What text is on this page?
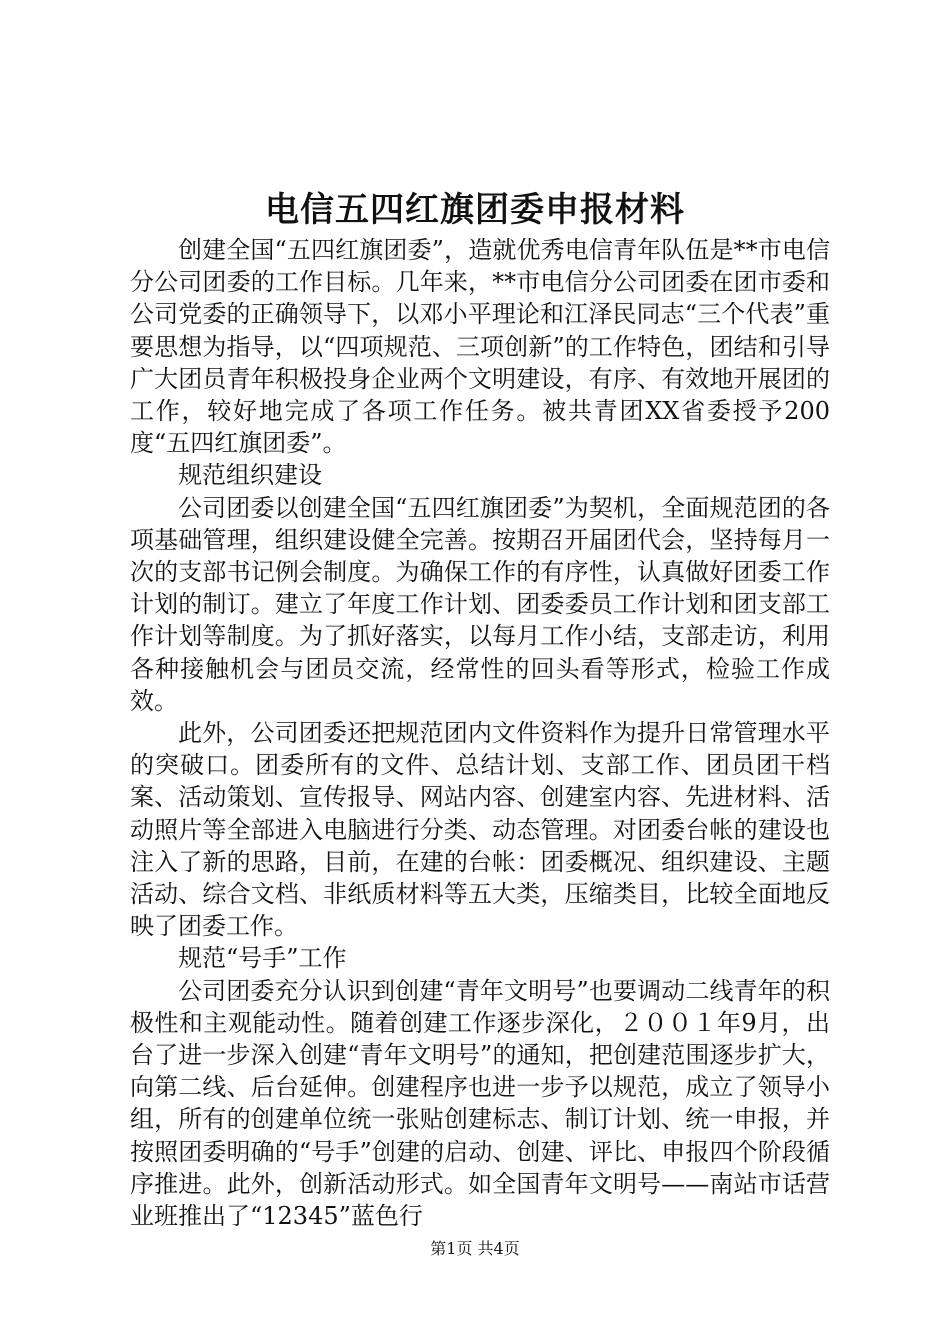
电信五四红旗团委申报材料

创建全国“五四红旗团委”，造就优秀电信青年队伍是**市电信分公司团委的工作目标。几年来，**市电信分公司团委在团市委和公司党委的正确领导下，以邓小平理论和江泽民同志“三个代表”重要思想为指导，以“四项规范、三项创新”的工作特色，团结和引导广大团员青年积极投身企业两个文明建设，有序、有效地开展团的工作，较好地完成了各项工作任务。被共青团XX省委授予200度“五四红旗团委”。

规范组织建设

公司团委以创建全国“五四红旗团委”为契机，全面规范团的各项基础管理，组织建设健全完善。按期召开届团代会，坚持每月一次的支部书记例会制度。为确保工作的有序性，认真做好团委工作计划的制订。建立了年度工作计划、团委委员工作计划和团支部工作计划等制度。为了抓好落实，以每月工作小结，支部走访，利用各种接触机会与团员交流，经常性的回头看等形式，检验工作成效。

此外，公司团委还把规范团内文件资料作为提升日常管理水平的突破口。团委所有的文件、总结计划、支部工作、团员团干档案、活动策划、宣传报导、网站内容、创建室内容、先进材料、活动照片等全部进入电脑进行分类、动态管理。对团委台帐的建设也注入了新的思路，目前，在建的台帐：团委概况、组织建设、主题活动、综合文档、非纸质材料等五大类，压缩类目，比较全面地反映了团委工作。

规范“号手”工作

公司团委充分认识到创建“青年文明号”也要调动二线青年的积极性和主观能动性。随着创建工作逐步深化，２００１年9月，出台了进一步深入创建“青年文明号”的通知，把创建范围逐步扩大，向第二线、后台延伸。创建程序也进一步予以规范，成立了领导小组，所有的创建单位统一张贴创建标志、制订计划、统一申报，并按照团委明确的“号手”创建的启动、创建、评比、申报四个阶段循序推进。此外，创新活动形式。如全国青年文明号——南站市话营业班推出了“12345”蓝色行

第1页 共4页
